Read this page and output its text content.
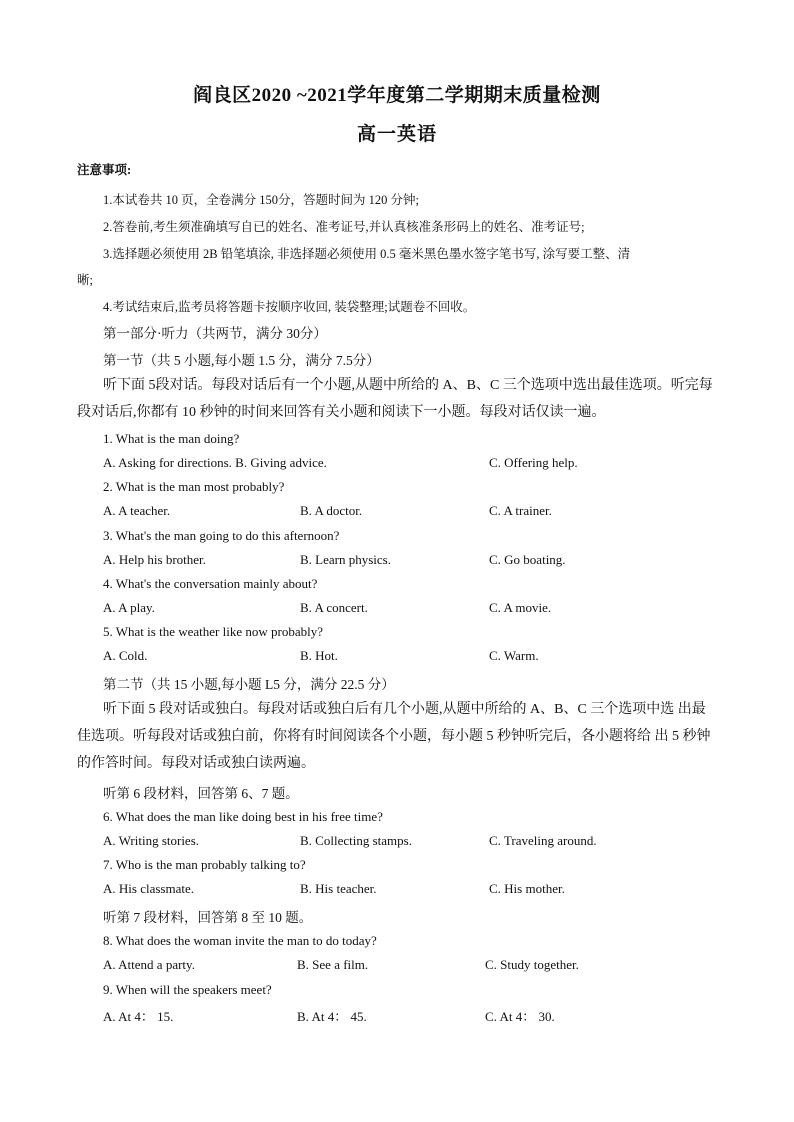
阎良区2020 ~2021学年度第二学期期末质量检测
高一英语
注意事项:
1.本试卷共 10 页，全卷满分 150分，答题时间为 120 分钟;
2.答卷前,考生须准确填写自已的姓名、准考证号,并认真核准条形码上的姓名、准考证号;
3.选择题必须使用 2B 铅笔填涂, 非选择题必须使用 0.5 毫米黑色墨水签字笔书写, 涂写要工整、清
晰;
4.考试结束后,监考员将答题卡按顺序收回, 装袋整理;试题卷不回收。
第一部分·听力（共两节，满分 30分）
第一节（共 5 小题,每小题 1.5 分，满分 7.5分）
听下面 5段对话。每段对话后有一个小题,从题中所给的 A、B、C 三个选项中选出最佳选项。听完每段对话后,你都有 10 秒钟的时间来回答有关小题和阅读下一小题。每段对话仅读一遍。
1. What is the man doing?
A. Asking for directions. B. Giving advice.	C. Offering help.
2. What is the man most probably?
A. A teacher.	B. A doctor.	C. A trainer.
3. What's the man going to do this afternoon?
A. Help his brother.	B. Learn physics.	C. Go boating.
4. What's the conversation mainly about?
A. A play.	B. A concert.	C. A movie.
5. What is the weather like now probably?
A. Cold.	B. Hot.	C. Warm.
第二节（共 15 小题,每小题 L5 分，满分 22.5 分）
听下面 5 段对话或独白。每段对话或独白后有几个小题,从题中所给的 A、B、C 三个选项中选 出最佳选项。听每段对话或独白前，你将有时间阅读各个小题，每小题 5 秒钟听完后，各小题将给 出 5 秒钟的作答时间。每段对话或独白读两遍。
听第 6 段材料，回答第 6、7 题。
6. What does the man like doing best in his free time?
A. Writing stories.	B. Collecting stamps.	C. Traveling around.
7. Who is the man probably talking to?
A. His classmate.	B. His teacher.	C. His mother.
听第 7 段材料，回答第 8 至 10 题。
8. What does the woman invite the man to do today?
A. Attend a party.	B. See a film.	C. Study together.
9. When will the speakers meet?
A. At 4： 15.	B. At 4： 45.	C. At 4： 30.
